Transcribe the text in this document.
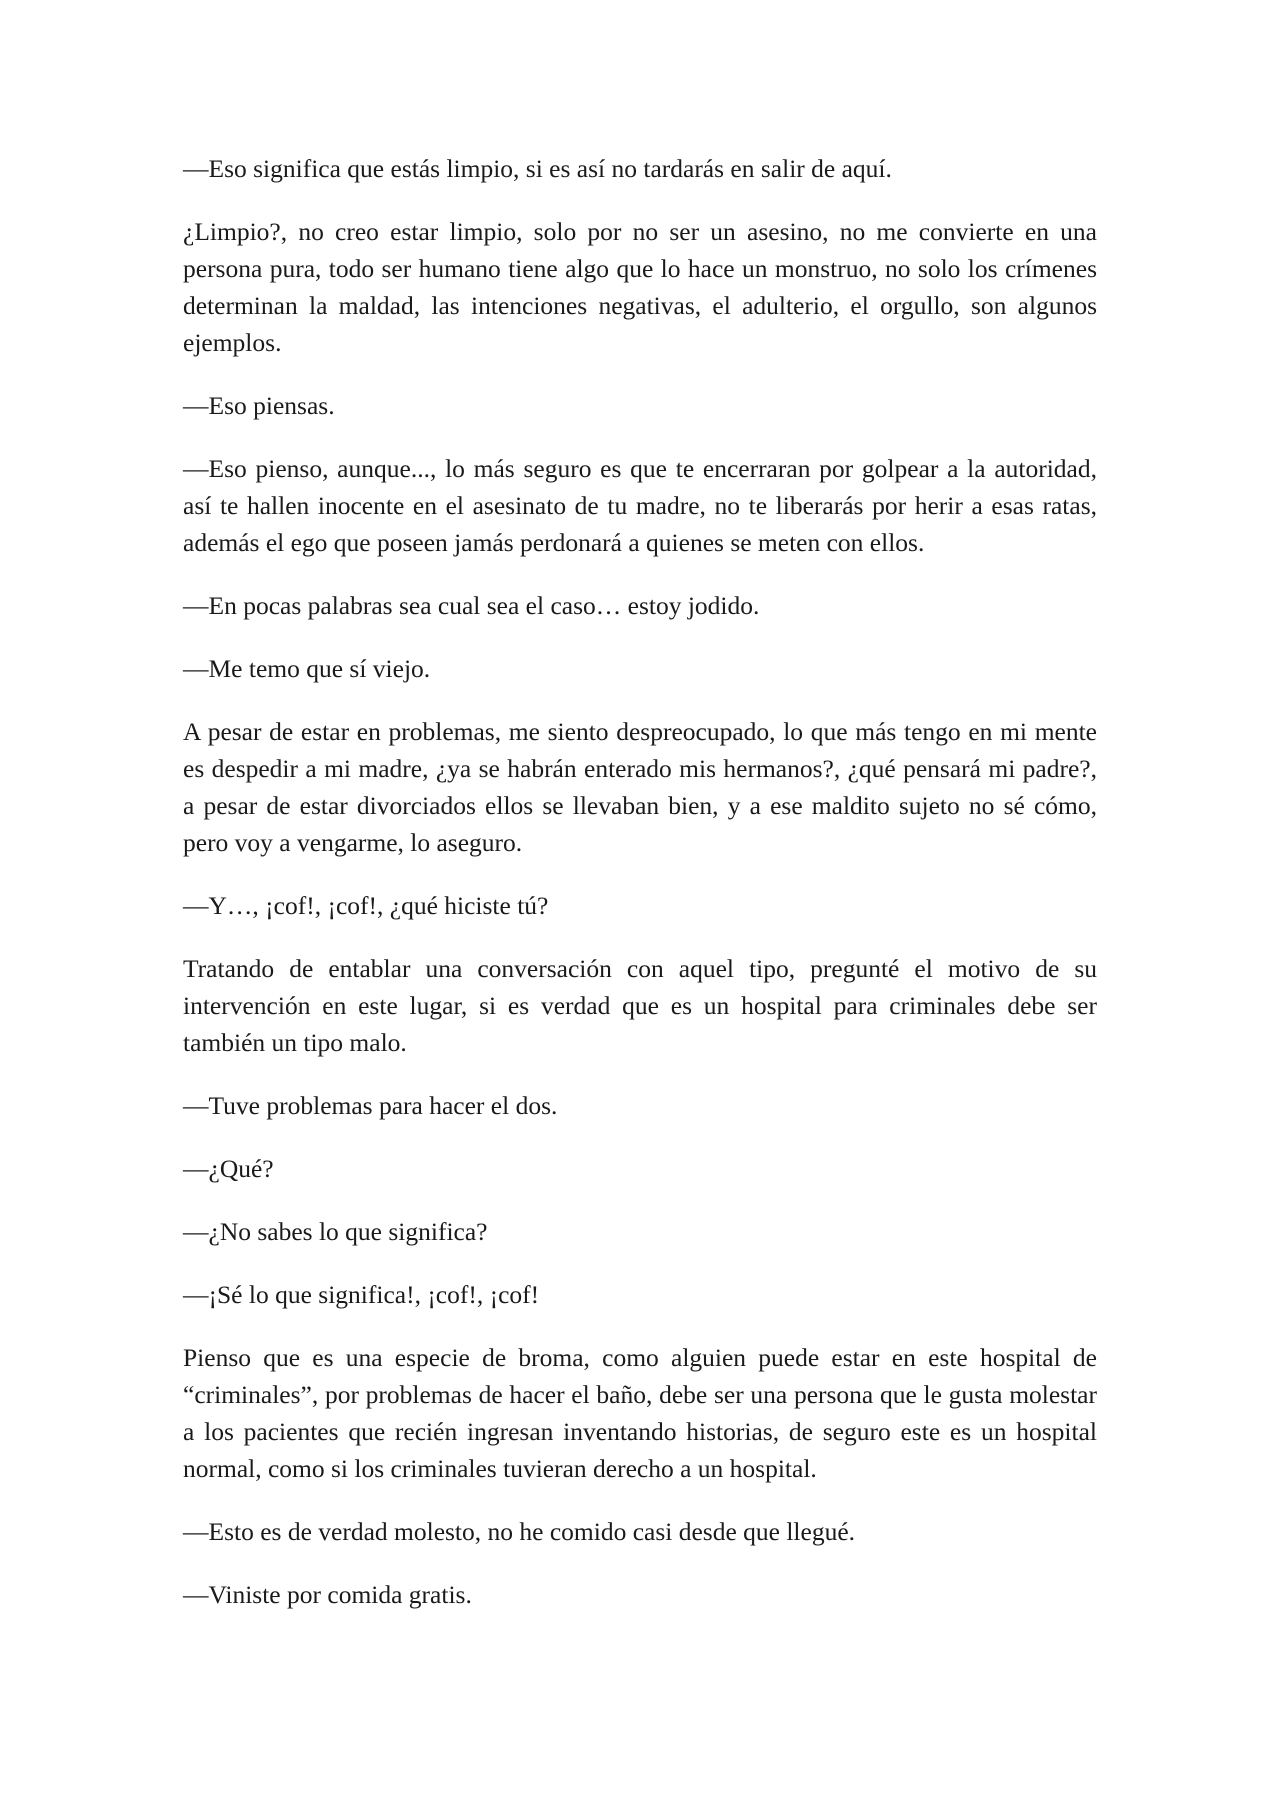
—Eso significa que estás limpio, si es así no tardarás en salir de aquí.

¿Limpio?, no creo estar limpio, solo por no ser un asesino, no me convierte en una persona pura, todo ser humano tiene algo que lo hace un monstruo, no solo los crímenes determinan la maldad, las intenciones negativas, el adulterio, el orgullo, son algunos ejemplos.

—Eso piensas.

—Eso pienso, aunque..., lo más seguro es que te encerraran por golpear a la autoridad, así te hallen inocente en el asesinato de tu madre, no te liberarás por herir a esas ratas, además el ego que poseen jamás perdonará a quienes se meten con ellos.

—En pocas palabras sea cual sea el caso… estoy jodido.

—Me temo que sí viejo.

A pesar de estar en problemas, me siento despreocupado, lo que más tengo en mi mente es despedir a mi madre, ¿ya se habrán enterado mis hermanos?, ¿qué pensará mi padre?, a pesar de estar divorciados ellos se llevaban bien, y a ese maldito sujeto no sé cómo, pero voy a vengarme, lo aseguro.

—Y…, ¡cof!, ¡cof!, ¿qué hiciste tú?

Tratando de entablar una conversación con aquel tipo, pregunté el motivo de su intervención en este lugar, si es verdad que es un hospital para criminales debe ser también un tipo malo.

—Tuve problemas para hacer el dos.

—¿Qué?

—¿No sabes lo que significa?

—¡Sé lo que significa!, ¡cof!, ¡cof!

Pienso que es una especie de broma, como alguien puede estar en este hospital de “criminales”, por problemas de hacer el baño, debe ser una persona que le gusta molestar a los pacientes que recién ingresan inventando historias, de seguro este es un hospital normal, como si los criminales tuvieran derecho a un hospital.

—Esto es de verdad molesto, no he comido casi desde que llegué.

—Viniste por comida gratis.
